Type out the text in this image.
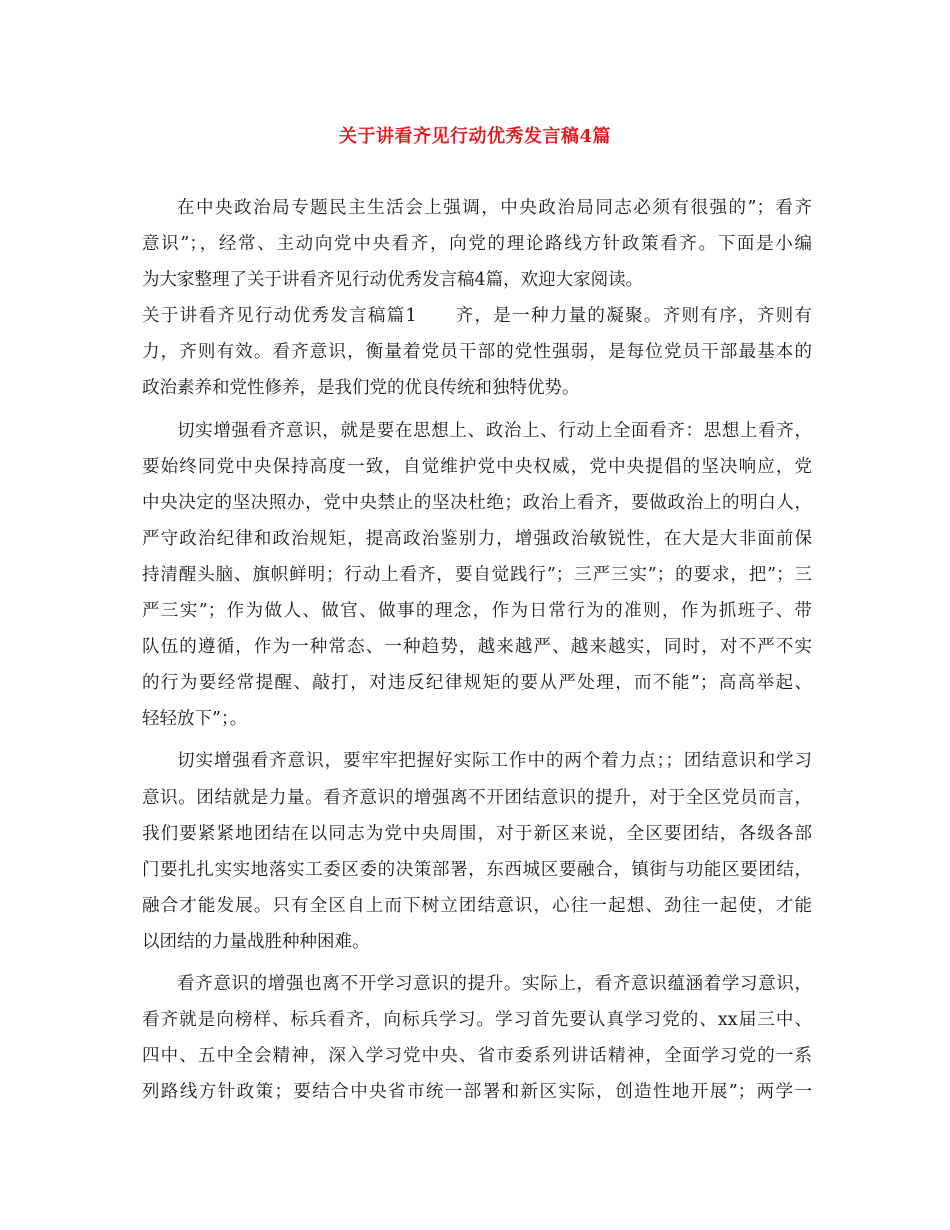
关于讲看齐见行动优秀发言稿4篇
在中央政治局专题民主生活会上强调，中央政治局同志必须有很强的”；看齐
意识”；，经常、主动向党中央看齐，向党的理论路线方针政策看齐。下面是小编
为大家整理了关于讲看齐见行动优秀发言稿4篇，欢迎大家阅读。
关于讲看齐见行动优秀发言稿篇1　　齐，是一种力量的凝聚。齐则有序，齐则有
力，齐则有效。看齐意识，衡量着党员干部的党性强弱，是每位党员干部最基本的
政治素养和党性修养，是我们党的优良传统和独特优势。
切实增强看齐意识，就是要在思想上、政治上、行动上全面看齐：思想上看齐，
要始终同党中央保持高度一致，自觉维护党中央权威，党中央提倡的坚决响应，党
中央决定的坚决照办，党中央禁止的坚决杜绝；政治上看齐，要做政治上的明白人，
严守政治纪律和政治规矩，提高政治鉴别力，增强政治敏锐性，在大是大非面前保
持清醒头脑、旗帜鲜明；行动上看齐，要自觉践行”；三严三实”；的要求，把”；三
严三实”；作为做人、做官、做事的理念，作为日常行为的准则，作为抓班子、带
队伍的遵循，作为一种常态、一种趋势，越来越严、越来越实，同时，对不严不实
的行为要经常提醒、敲打，对违反纪律规矩的要从严处理，而不能”；高高举起、
轻轻放下”；。
切实增强看齐意识，要牢牢把握好实际工作中的两个着力点；；团结意识和学习
意识。团结就是力量。看齐意识的增强离不开团结意识的提升，对于全区党员而言，
我们要紧紧地团结在以同志为党中央周围，对于新区来说，全区要团结，各级各部
门要扎扎实实地落实工委区委的决策部署，东西城区要融合，镇街与功能区要团结，
融合才能发展。只有全区自上而下树立团结意识，心往一起想、劲往一起使，才能
以团结的力量战胜种种困难。
看齐意识的增强也离不开学习意识的提升。实际上，看齐意识蕴涵着学习意识，
看齐就是向榜样、标兵看齐，向标兵学习。学习首先要认真学习党的、xx届三中、
四中、五中全会精神，深入学习党中央、省市委系列讲话精神，全面学习党的一系
列路线方针政策；要结合中央省市统一部署和新区实际，创造性地开展”；两学一
